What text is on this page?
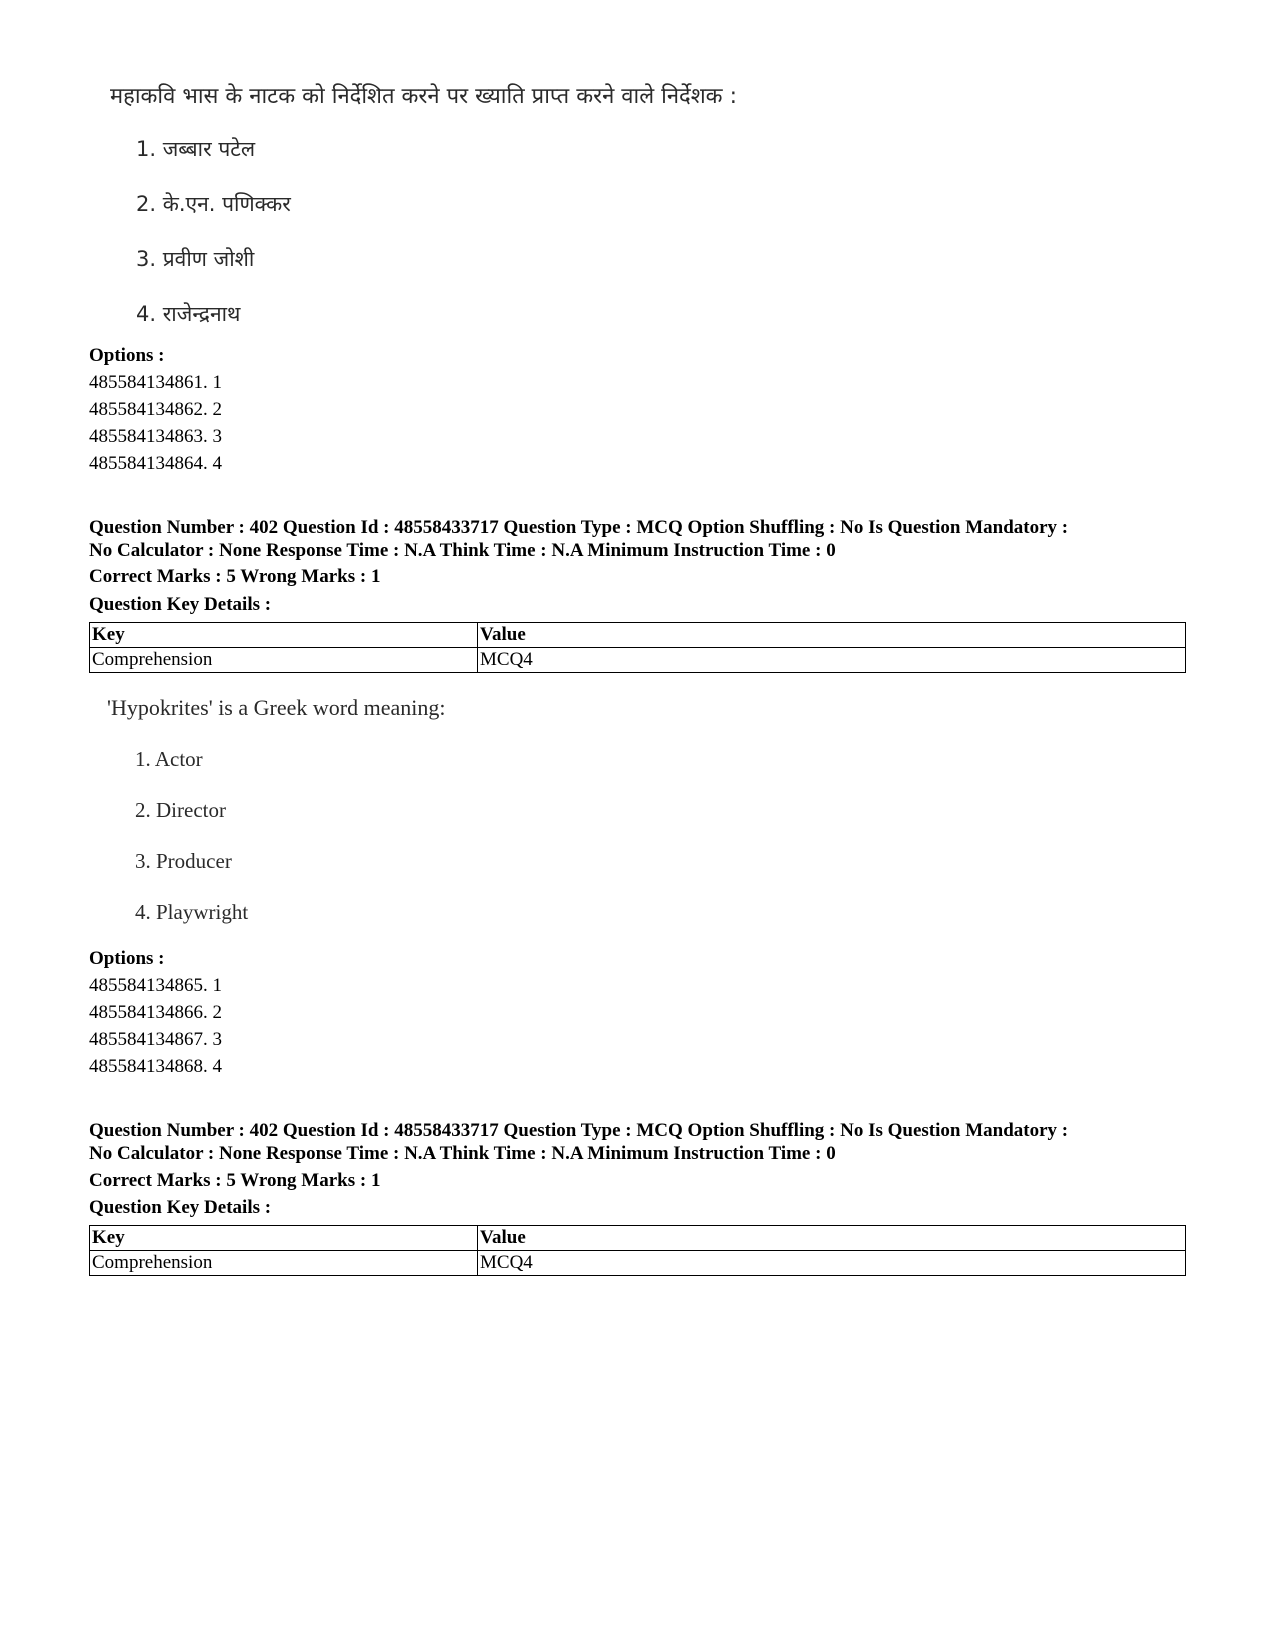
महाकवि भास के नाटक को निर्देशित करने पर ख्याति प्राप्त करने वाले निर्देशक :
1. जब्बार पटेल
2. के.एन. पणिक्कर
3. प्रवीण जोशी
4. राजेन्द्रनाथ
Options :
485584134861. 1
485584134862. 2
485584134863. 3
485584134864. 4
Question Number : 402 Question Id : 48558433717 Question Type : MCQ Option Shuffling : No Is Question Mandatory :
No Calculator : None Response Time : N.A Think Time : N.A Minimum Instruction Time : 0
Correct Marks : 5 Wrong Marks : 1
Question Key Details :
Key	Value
Comprehension	MCQ4
'Hypokrites' is a Greek word meaning:
1. Actor
2. Director
3. Producer
4. Playwright
Options :
485584134865. 1
485584134866. 2
485584134867. 3
485584134868. 4
Question Number : 402 Question Id : 48558433717 Question Type : MCQ Option Shuffling : No Is Question Mandatory :
No Calculator : None Response Time : N.A Think Time : N.A Minimum Instruction Time : 0
Correct Marks : 5 Wrong Marks : 1
Question Key Details :
Key	Value
Comprehension	MCQ4
